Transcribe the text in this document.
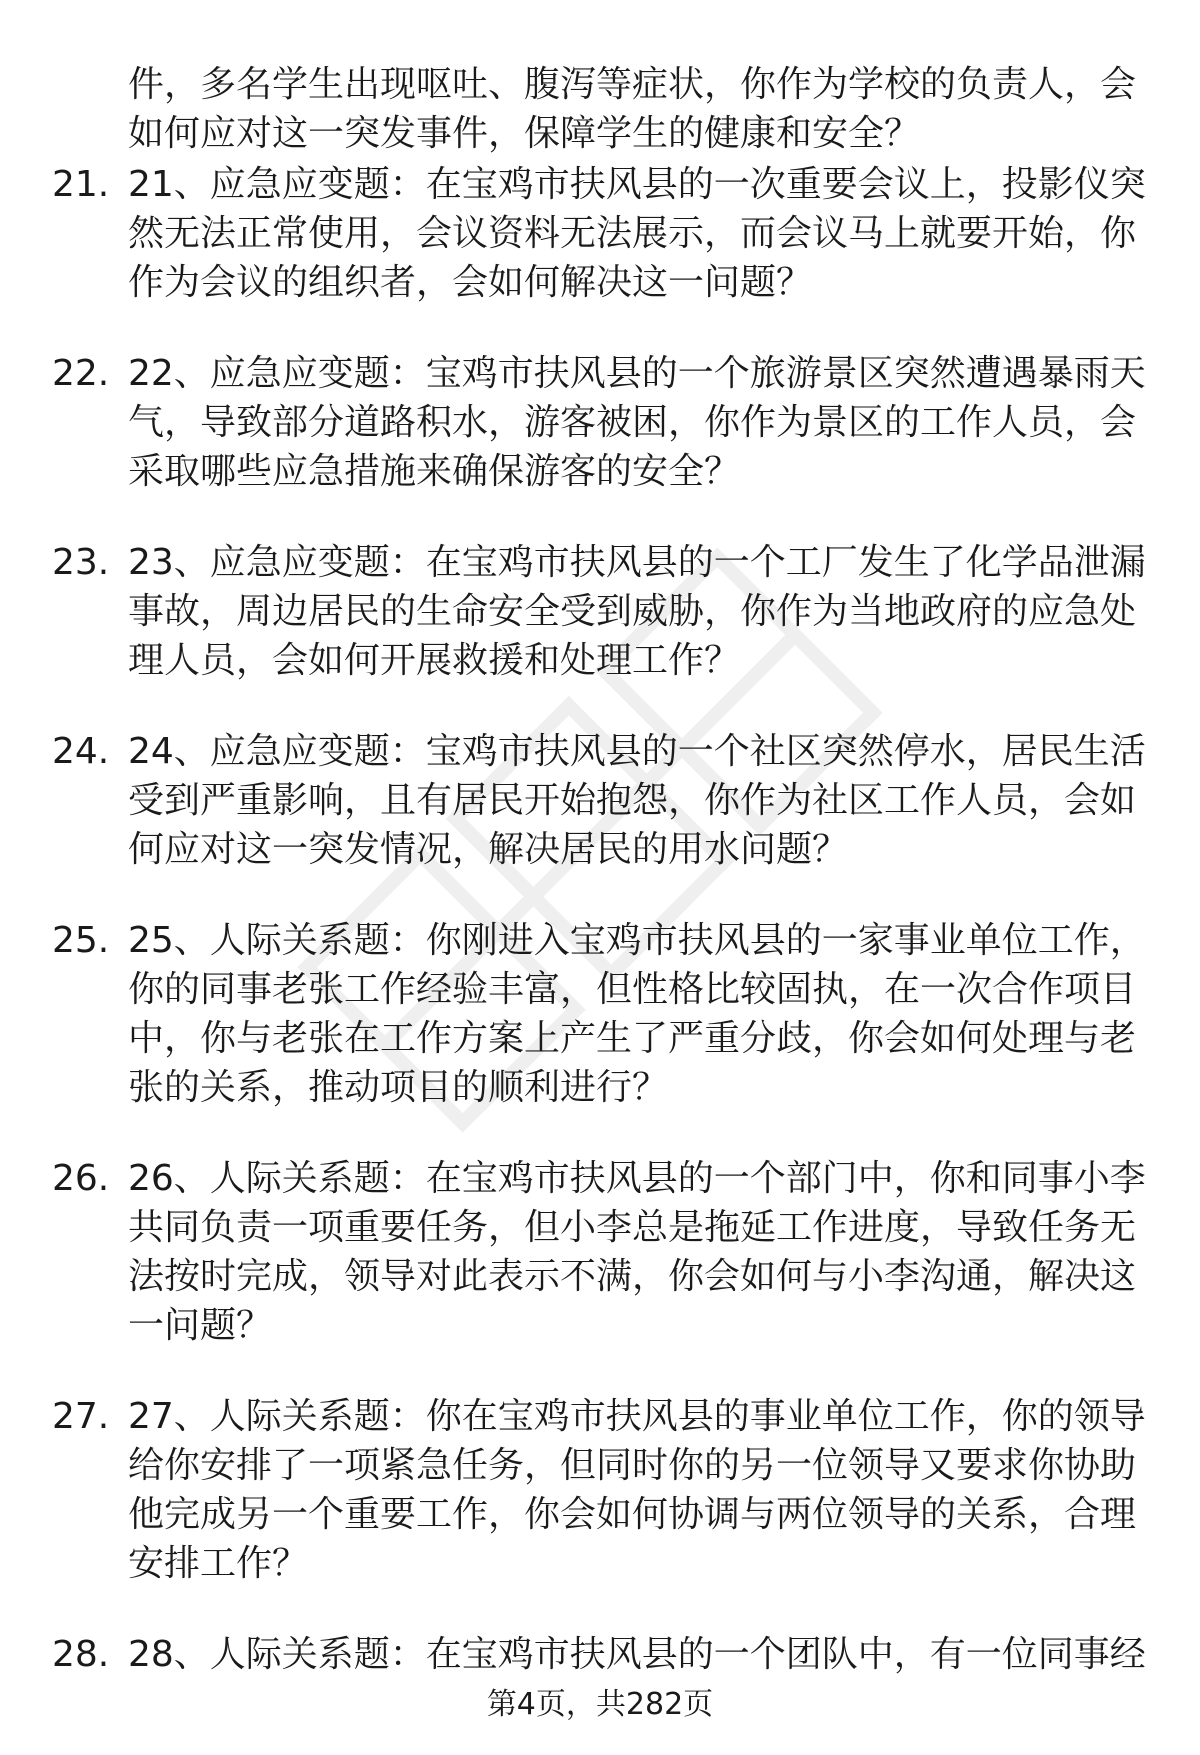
件，多名学生出现呕吐、腹泻等症状，你作为学校的负责人，会如何应对这一突发事件，保障学生的健康和安全？
21. 21、应急应变题：在宝鸡市扶风县的一次重要会议上，投影仪突然无法正常使用，会议资料无法展示，而会议马上就要开始，你作为会议的组织者，会如何解决这一问题？
22. 22、应急应变题：宝鸡市扶风县的一个旅游景区突然遭遇暴雨天气，导致部分道路积水，游客被困，你作为景区的工作人员，会采取哪些应急措施来确保游客的安全？
23. 23、应急应变题：在宝鸡市扶风县的一个工厂发生了化学品泄漏事故，周边居民的生命安全受到威胁，你作为当地政府的应急处理人员，会如何开展救援和处理工作？
24. 24、应急应变题：宝鸡市扶风县的一个社区突然停水，居民生活受到严重影响，且有居民开始抱怨，你作为社区工作人员，会如何应对这一突发情况，解决居民的用水问题？
25. 25、人际关系题：你刚进入宝鸡市扶风县的一家事业单位工作，你的同事老张工作经验丰富，但性格比较固执，在一次合作项目中，你与老张在工作方案上产生了严重分歧，你会如何处理与老张的关系，推动项目的顺利进行？
26. 26、人际关系题：在宝鸡市扶风县的一个部门中，你和同事小李共同负责一项重要任务，但小李总是拖延工作进度，导致任务无法按时完成，领导对此表示不满，你会如何与小李沟通，解决这一问题？
27. 27、人际关系题：你在宝鸡市扶风县的事业单位工作，你的领导给你安排了一项紧急任务，但同时你的另一位领导又要求你协助他完成另一个重要工作，你会如何协调与两位领导的关系，合理安排工作？
28. 28、人际关系题：在宝鸡市扶风县的一个团队中，有一位同事经
第4页，共282页
